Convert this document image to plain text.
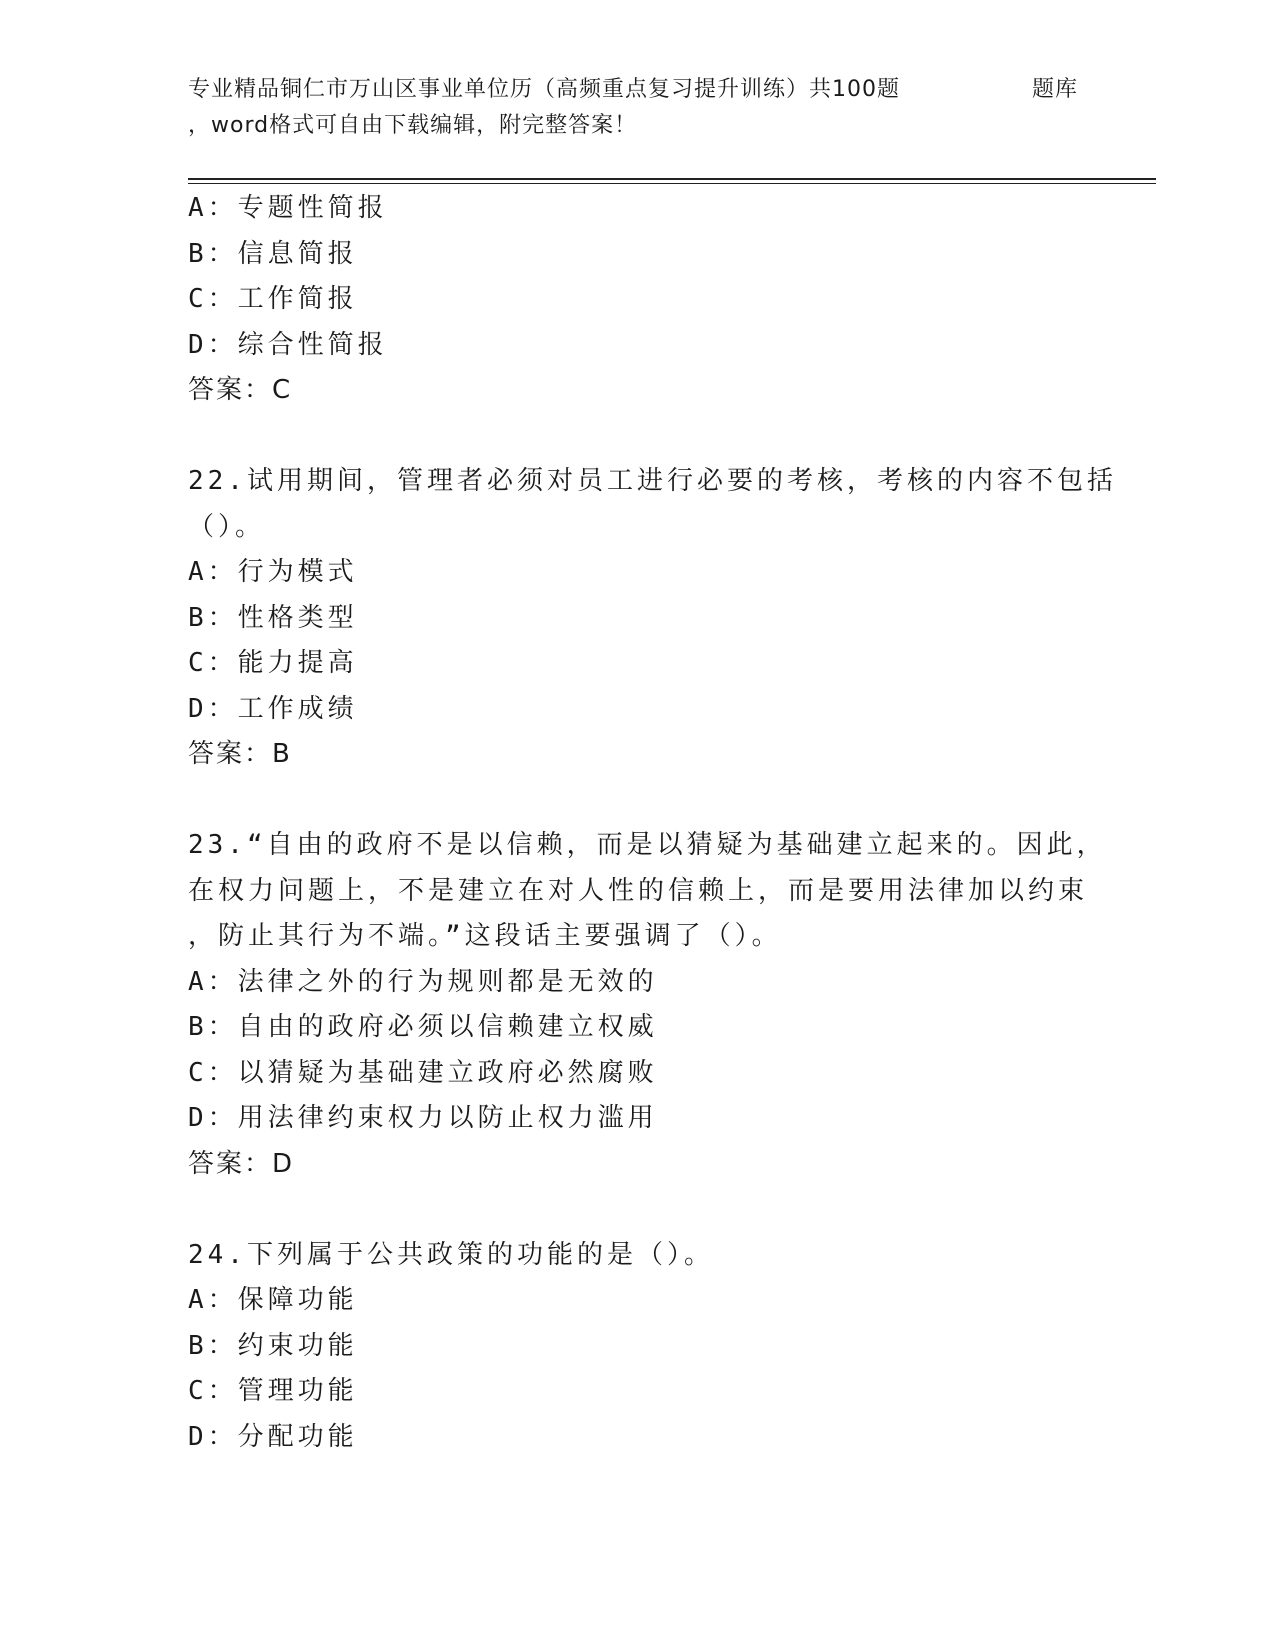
专业精品铜仁市万山区事业单位历（高频重点复习提升训练）共100题	题库
，word格式可自由下载编辑，附完整答案！
A：专题性简报
B：信息简报
C：工作简报
D：综合性简报
答案：C
22.试用期间，管理者必须对员工进行必要的考核，考核的内容不包括
（）。
A：行为模式
B：性格类型
C：能力提高
D：工作成绩
答案：B
23.“自由的政府不是以信赖，而是以猜疑为基础建立起来的。因此，
在权力问题上，不是建立在对人性的信赖上，而是要用法律加以约束
，防止其行为不端。”这段话主要强调了（）。
A：法律之外的行为规则都是无效的
B：自由的政府必须以信赖建立权威
C：以猜疑为基础建立政府必然腐败
D：用法律约束权力以防止权力滥用
答案：D
24.下列属于公共政策的功能的是（）。
A：保障功能
B：约束功能
C：管理功能
D：分配功能
